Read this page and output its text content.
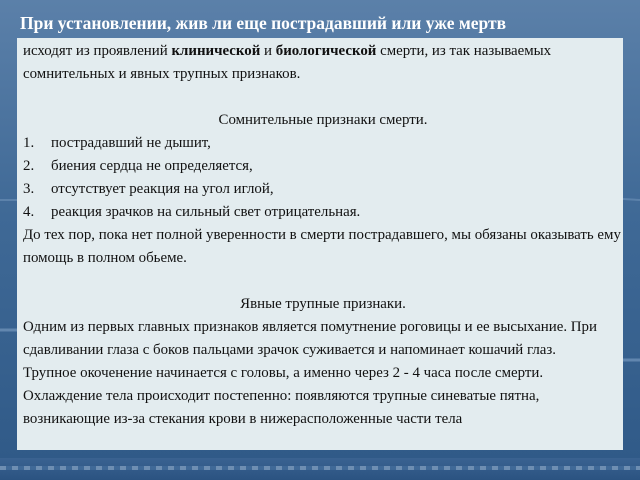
При установлении, жив ли еще пострадавший или уже мертв

исходят из проявлений клинической и биологической смерти, из так называемых сомнительных и явных трупных признаков.

Сомнительные признаки смерти.

1.	пострадавший не дышит,
2.	биения сердца не определяется,
3.	отсутствует реакция на угол иглой,
4.	реакция зрачков на сильный свет отрицательная.

До тех пор, пока нет полной уверенности в смерти пострадавшего, мы обязаны оказывать ему помощь в полном обьеме.

Явные трупные признаки.

Одним из первых главных признаков является помутнение роговицы и ее высыхание. При сдавливании глаза с боков пальцами зрачок суживается и напоминает кошачий глаз.

Трупное окоченение начинается с головы, а именно через 2 - 4 часа после смерти. Охлаждение тела происходит постепенно: появляются трупные синеватые пятна, возникающие из-за стекания крови в нижерасположенные части тела
